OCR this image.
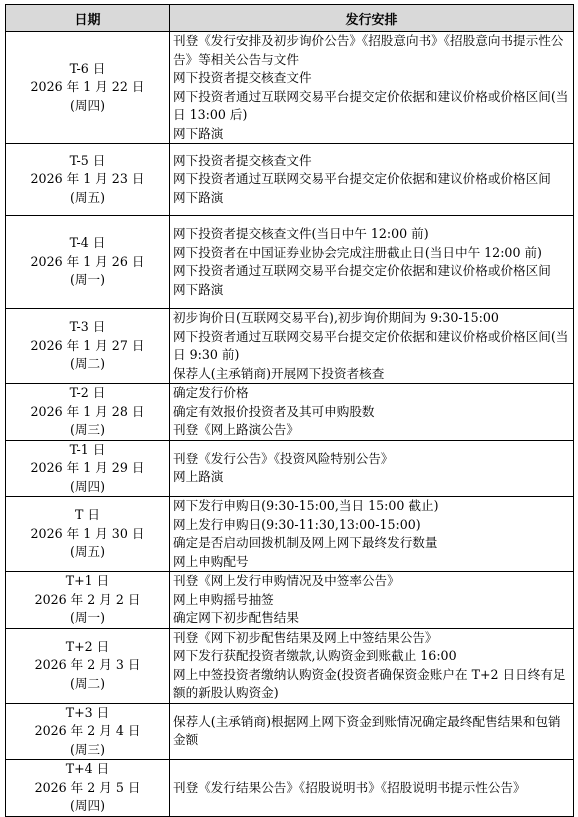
日期	发行安排

T-6 日
2026 年 1 月 22 日
(周四)	刊登《发行安排及初步询价公告》《招股意向书》《招股意向书提示性公告》等相关公告与文件
网下投资者提交核查文件
网下投资者通过互联网交易平台提交定价依据和建议价格或价格区间(当日 13:00 后)
网下路演

T-5 日
2026 年 1 月 23 日
(周五)	网下投资者提交核查文件
网下投资者通过互联网交易平台提交定价依据和建议价格或价格区间
网下路演

T-4 日
2026 年 1 月 26 日
(周一)	网下投资者提交核查文件(当日中午 12:00 前)
网下投资者在中国证券业协会完成注册截止日(当日中午 12:00 前)
网下投资者通过互联网交易平台提交定价依据和建议价格或价格区间
网下路演

T-3 日
2026 年 1 月 27 日
(周二)	初步询价日(互联网交易平台),初步询价期间为 9:30-15:00
网下投资者通过互联网交易平台提交定价依据和建议价格或价格区间(当日 9:30 前)
保荐人(主承销商)开展网下投资者核查

T-2 日
2026 年 1 月 28 日
(周三)	确定发行价格
确定有效报价投资者及其可申购股数
刊登《网上路演公告》

T-1 日
2026 年 1 月 29 日
(周四)	刊登《发行公告》《投资风险特别公告》
网上路演

T 日
2026 年 1 月 30 日
(周五)	网下发行申购日(9:30-15:00,当日 15:00 截止)
网上发行申购日(9:30-11:30,13:00-15:00)
确定是否启动回拨机制及网上网下最终发行数量
网上申购配号

T+1 日
2026 年 2 月 2 日
(周一)	刊登《网上发行申购情况及中签率公告》
网上申购摇号抽签
确定网下初步配售结果

T+2 日
2026 年 2 月 3 日
(周二)	刊登《网下初步配售结果及网上中签结果公告》
网下发行获配投资者缴款,认购资金到账截止 16:00
网上中签投资者缴纳认购资金(投资者确保资金账户在 T+2 日日终有足额的新股认购资金)

T+3 日
2026 年 2 月 4 日
(周三)	保荐人(主承销商)根据网上网下资金到账情况确定最终配售结果和包销金额

T+4 日
2026 年 2 月 5 日
(周四)	刊登《发行结果公告》《招股说明书》《招股说明书提示性公告》
